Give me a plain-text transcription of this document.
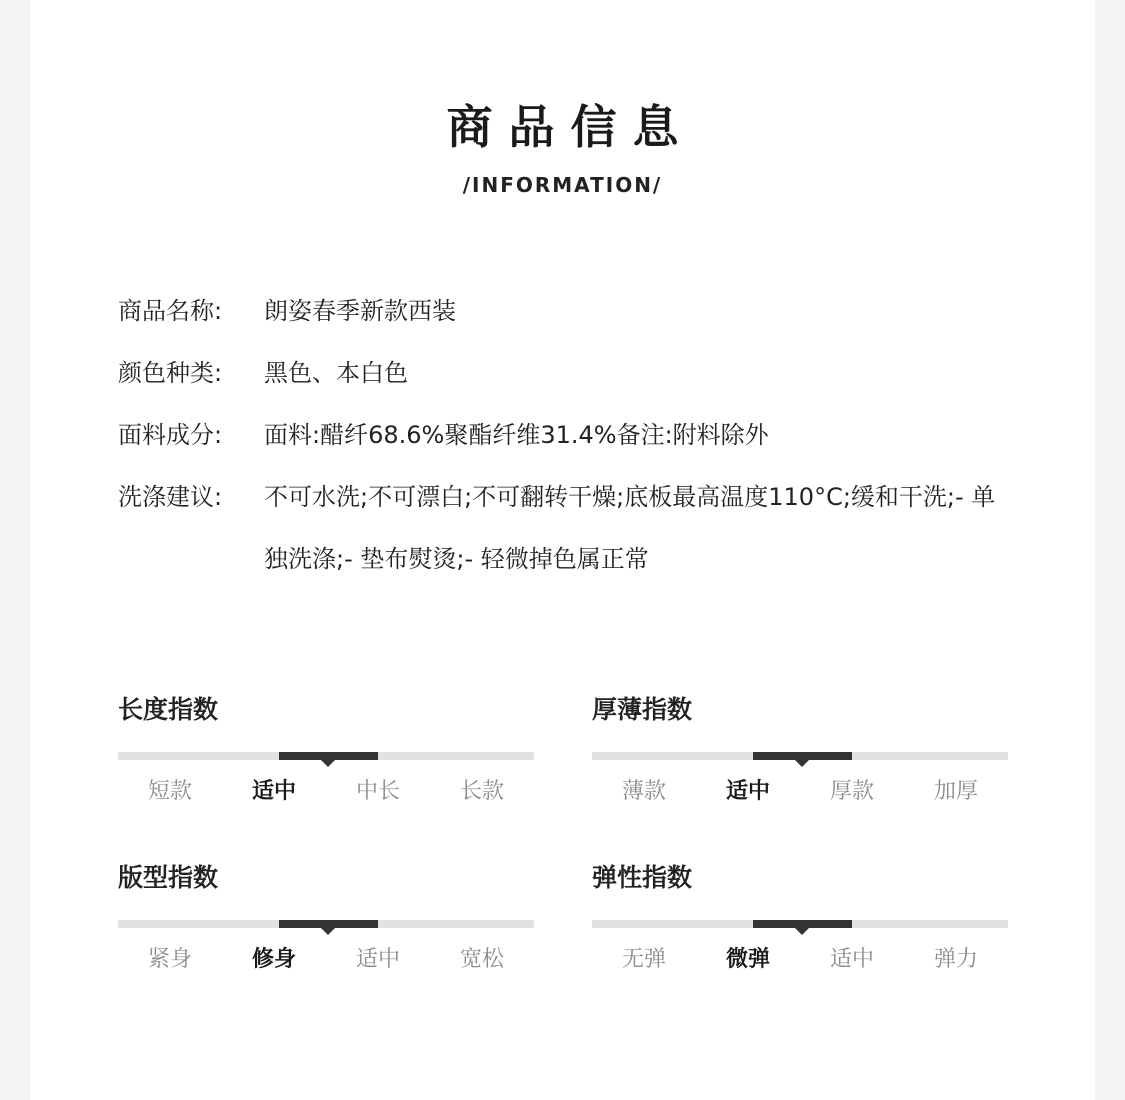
商品信息
/INFORMATION/
商品名称:	朗姿春季新款西装
颜色种类:	黑色、本白色
面料成分:	面料:醋纤68.6%聚酯纤维31.4%备注:附料除外
洗涤建议:	不可水洗;不可漂白;不可翻转干燥;底板最高温度110°C;缓和干洗;- 单独洗涤;- 垫布熨烫;- 轻微掉色属正常
长度指数
短款	适中	中长	长款
厚薄指数
薄款	适中	厚款	加厚
版型指数
紧身	修身	适中	宽松
弹性指数
无弹	微弹	适中	弹力
